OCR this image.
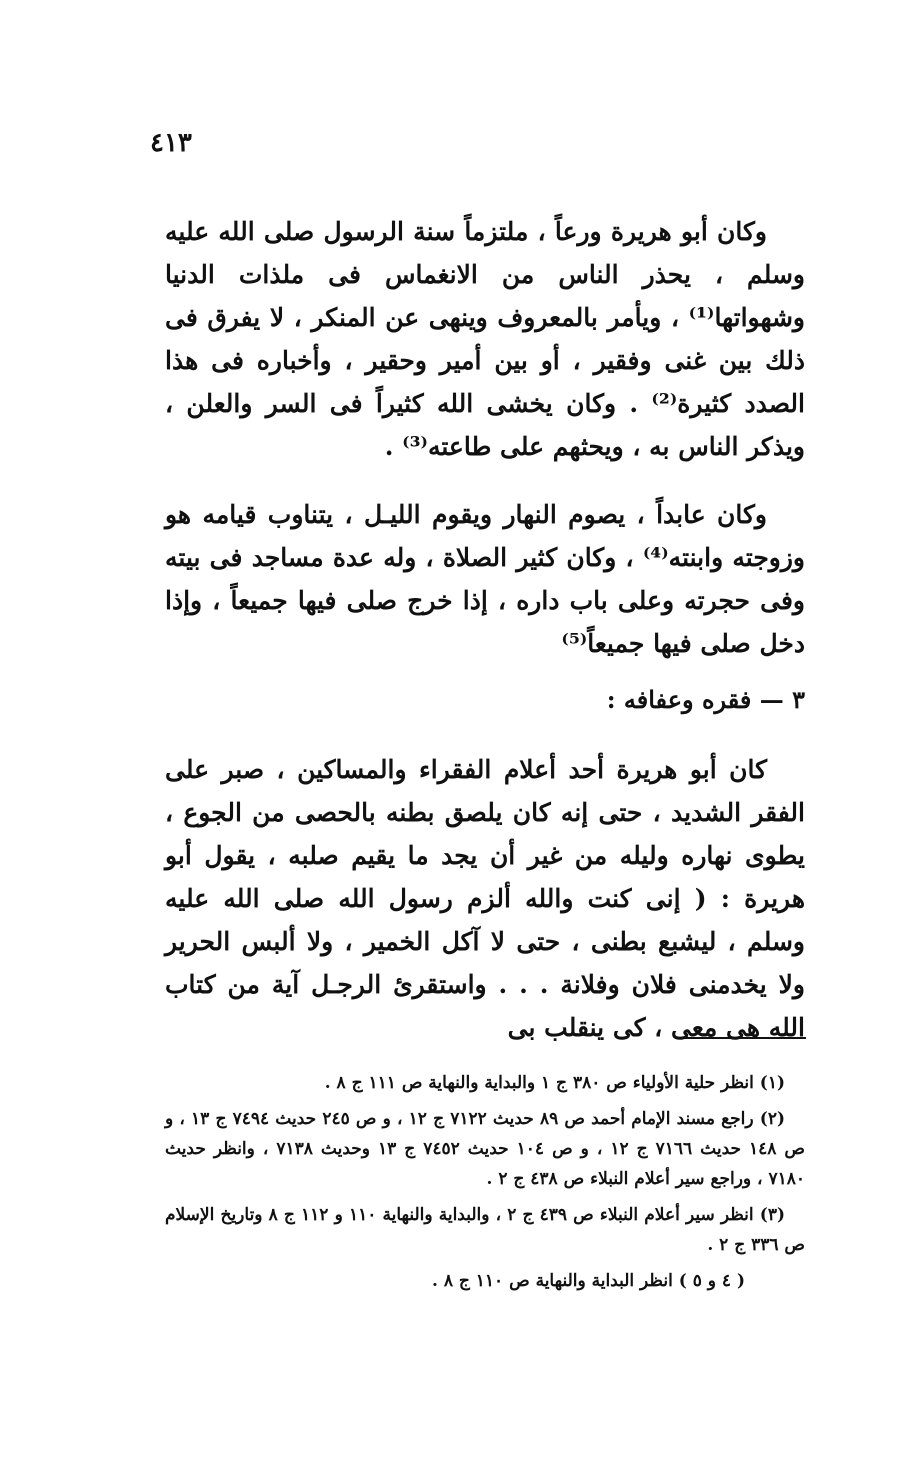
٤١٣

وكان أبو هريرة ورعاً ، ملتزماً سنة الرسول صلى الله عليه وسلم ، يحذر الناس من الانغماس فى ملذات الدنيا وشهواتها⁽¹⁾ ، ويأمر بالمعروف وينهى عن المنكر ، لا يفرق فى ذلك بين غنى وفقير ، أو بين أمير وحقير ، وأخباره فى هذا الصدد كثيرة⁽²⁾ . وكان يخشى الله كثيراً فى السر والعلن ، ويذكر الناس به ، ويحثهم على طاعته⁽³⁾ .

وكان عابداً ، يصوم النهار ويقوم الليـل ، يتناوب قيامه هو وزوجته وابنته⁽⁴⁾ ، وكان كثير الصلاة ، وله عدة مساجد فى بيته وفى حجرته وعلى باب داره ، إذا خرج صلى فيها جميعاً ، وإذا دخل صلى فيها جميعاً⁽⁵⁾

٣ — فقره وعفافه :

كان أبو هريرة أحد أعلام الفقراء والمساكين ، صبر على الفقر الشديد ، حتى إنه كان يلصق بطنه بالحصى من الجوع ، يطوى نهاره وليله من غير أن يجد ما يقيم صلبه ، يقول أبو هريرة : ( إنى كنت والله ألزم رسول الله صلى الله عليه وسلم ، ليشبع بطنى ، حتى لا آكل الخمير ، ولا ألبس الحرير ولا يخدمنى فلان وفلانة . . . واستقرئ الرجـل آية من كتاب الله هى معى ، كى ينقلب بى

(١) انظر حلية الأولياء ص ٣٨٠ ج ١ والبداية والنهاية ص ١١١ ج ٨ .

(٢) راجع مسند الإمام أحمد ص ٨٩ حديث ٧١٢٢ ج ١٢ ، و ص ٢٤٥ حديث ٧٤٩٤ ج ١٣ ، و ص ١٤٨ حديث ٧١٦٦ ج ١٢ ، و ص ١٠٤ حديث ٧٤٥٢ ج ١٣ وحديث ٧١٣٨ ، وانظر حديث ٧١٨٠ ، وراجع سير أعلام النبلاء ص ٤٣٨ ج ٢ .

(٣) انظر سير أعلام النبلاء ص ٤٣٩ ج ٢ ، والبداية والنهاية ١١٠ و ١١٢ ج ٨ وتاريخ الإسلام ص ٣٣٦ ج ٢ .

( ٤ و ٥ ) انظر البداية والنهاية ص ١١٠ ج ٨ .
